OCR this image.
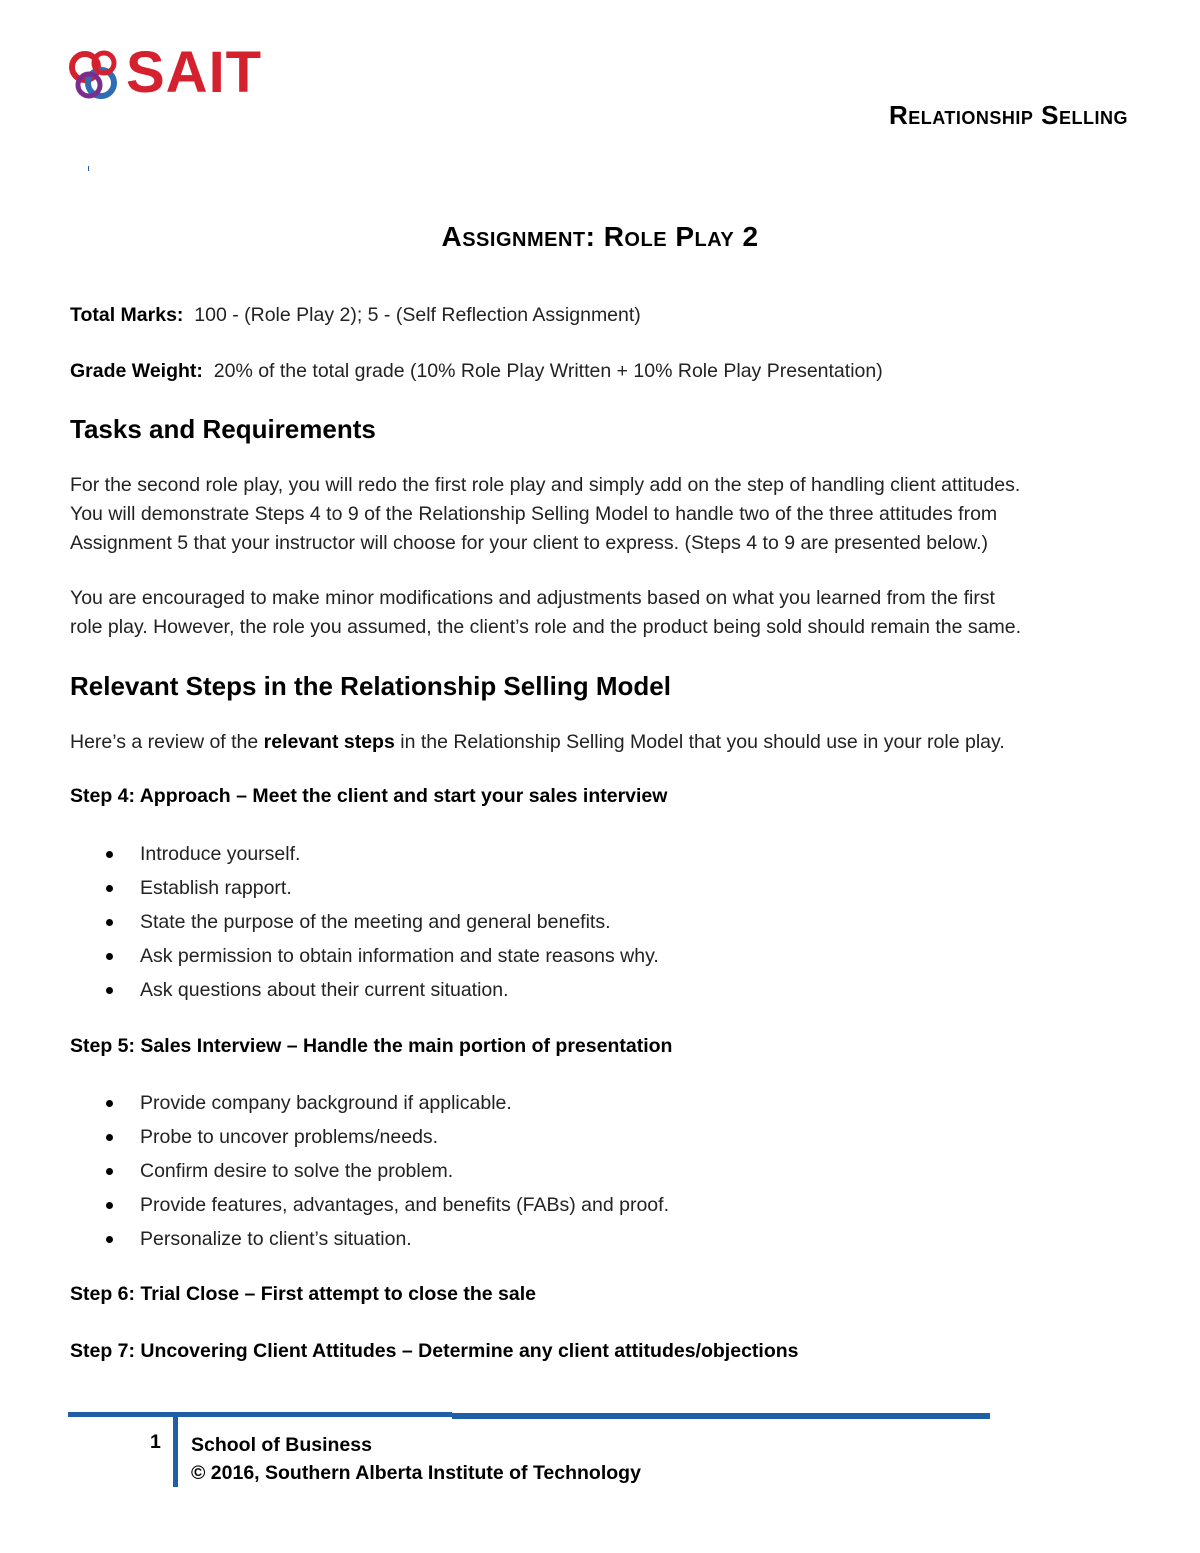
SAIT
Relationship Selling
Assignment: Role Play 2
Total Marks: 100 - (Role Play 2); 5 - (Self Reflection Assignment)
Grade Weight: 20% of the total grade (10% Role Play Written + 10% Role Play Presentation)
Tasks and Requirements
For the second role play, you will redo the first role play and simply add on the step of handling client attitudes.
You will demonstrate Steps 4 to 9 of the Relationship Selling Model to handle two of the three attitudes from
Assignment 5 that your instructor will choose for your client to express. (Steps 4 to 9 are presented below.)
You are encouraged to make minor modifications and adjustments based on what you learned from the first
role play. However, the role you assumed, the client’s role and the product being sold should remain the same.
Relevant Steps in the Relationship Selling Model
Here’s a review of the relevant steps in the Relationship Selling Model that you should use in your role play.
Step 4: Approach – Meet the client and start your sales interview
Introduce yourself.
Establish rapport.
State the purpose of the meeting and general benefits.
Ask permission to obtain information and state reasons why.
Ask questions about their current situation.
Step 5: Sales Interview – Handle the main portion of presentation
Provide company background if applicable.
Probe to uncover problems/needs.
Confirm desire to solve the problem.
Provide features, advantages, and benefits (FABs) and proof.
Personalize to client’s situation.
Step 6: Trial Close – First attempt to close the sale
Step 7: Uncovering Client Attitudes – Determine any client attitudes/objections
1 School of Business
© 2016, Southern Alberta Institute of Technology
